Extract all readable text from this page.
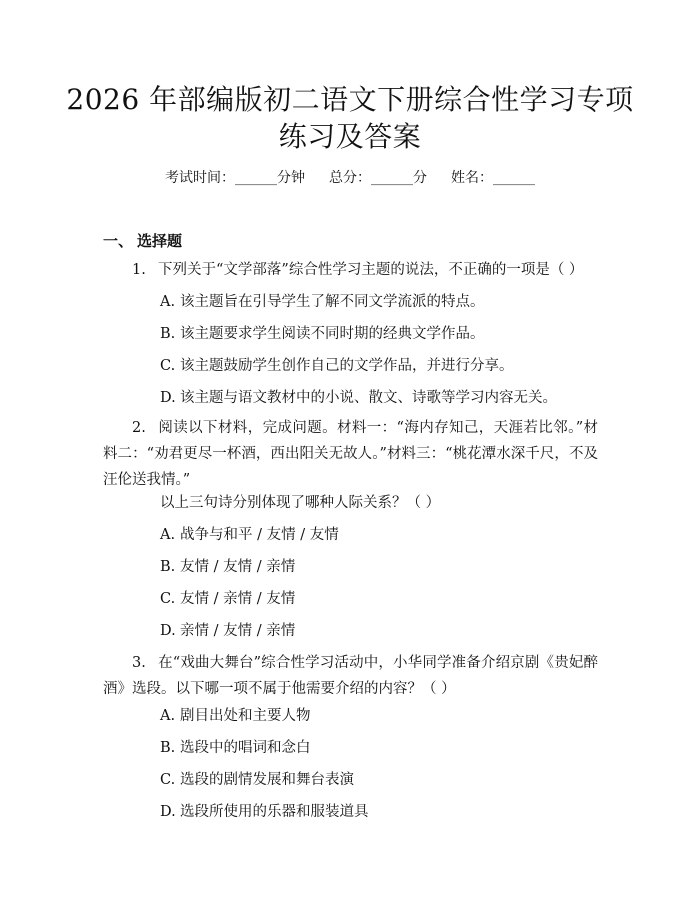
2026 年部编版初二语文下册综合性学习专项
练习及答案
考试时间：______分钟 总分：______分 姓名：______
一、 选择题
1. 下列关于“文学部落”综合性学习主题的说法，不正确的一项是（ ）
A. 该主题旨在引导学生了解不同文学流派的特点。
B. 该主题要求学生阅读不同时期的经典文学作品。
C. 该主题鼓励学生创作自己的文学作品，并进行分享。
D. 该主题与语文教材中的小说、散文、诗歌等学习内容无关。
2. 阅读以下材料，完成问题。材料一：“海内存知己，天涯若比邻。”材料二：“劝君更尽一杯酒，西出阳关无故人。”材料三：“桃花潭水深千尺，不及汪伦送我情。”
以上三句诗分别体现了哪种人际关系？（ ）
A. 战争与和平 / 友情 / 友情
B. 友情 / 友情 / 亲情
C. 友情 / 亲情 / 友情
D. 亲情 / 友情 / 亲情
3. 在“戏曲大舞台”综合性学习活动中，小华同学准备介绍京剧《贵妃醉酒》选段。以下哪一项不属于他需要介绍的内容？（ ）
A. 剧目出处和主要人物
B. 选段中的唱词和念白
C. 选段的剧情发展和舞台表演
D. 选段所使用的乐器和服装道具
